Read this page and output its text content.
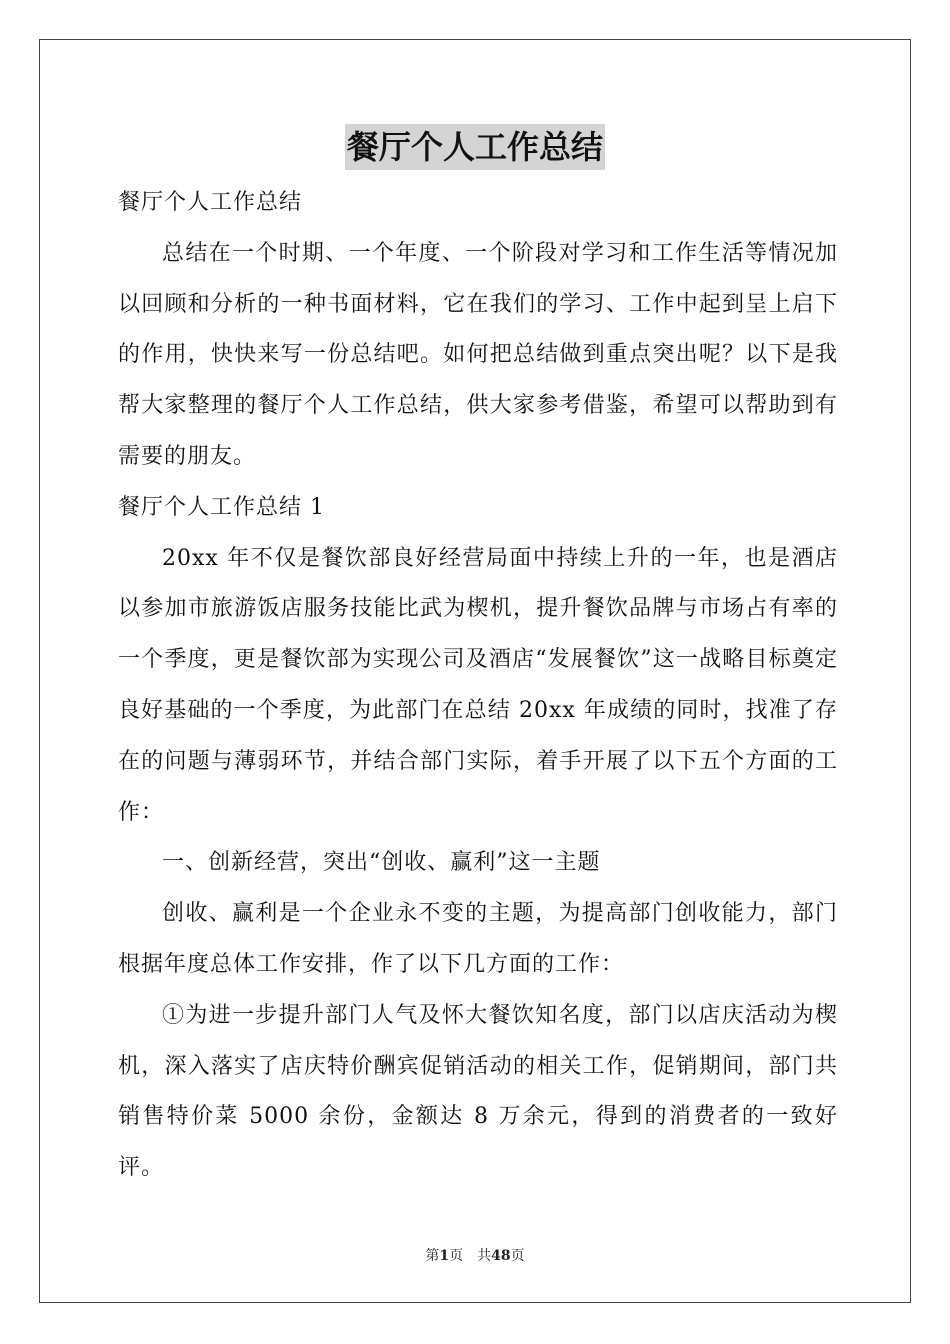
餐厅个人工作总结

餐厅个人工作总结

总结在一个时期、一个年度、一个阶段对学习和工作生活等情况加以回顾和分析的一种书面材料，它在我们的学习、工作中起到呈上启下的作用，快快来写一份总结吧。如何把总结做到重点突出呢？以下是我帮大家整理的餐厅个人工作总结，供大家参考借鉴，希望可以帮助到有需要的朋友。

餐厅个人工作总结 1

20xx 年不仅是餐饮部良好经营局面中持续上升的一年，也是酒店以参加市旅游饭店服务技能比武为楔机，提升餐饮品牌与市场占有率的一个季度，更是餐饮部为实现公司及酒店“发展餐饮”这一战略目标奠定良好基础的一个季度，为此部门在总结 20xx 年成绩的同时，找准了存在的问题与薄弱环节，并结合部门实际，着手开展了以下五个方面的工作：

一、创新经营，突出“创收、赢利”这一主题

创收、赢利是一个企业永不变的主题，为提高部门创收能力，部门根据年度总体工作安排，作了以下几方面的工作：

①为进一步提升部门人气及怀大餐饮知名度，部门以店庆活动为楔机，深入落实了店庆特价酬宾促销活动的相关工作，促销期间，部门共销售特价菜 5000 余份，金额达 8 万余元，得到的消费者的一致好评。

第1页 共48页
